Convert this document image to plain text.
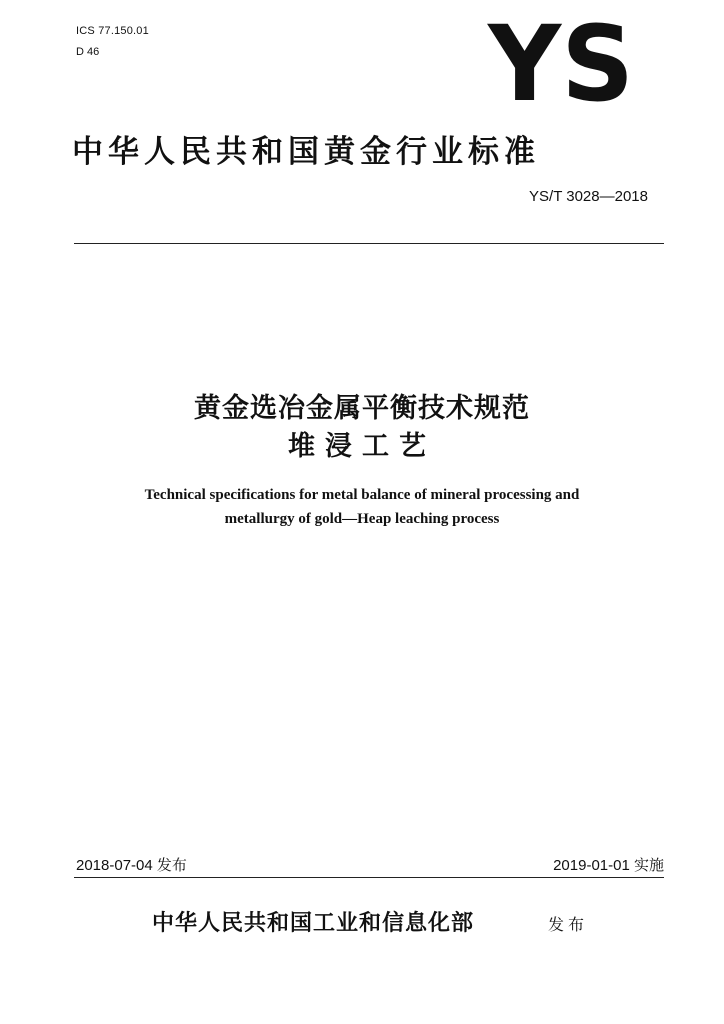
ICS 77.150.01
D 46	YS
中华人民共和国黄金行业标准
YS/T 3028—2018
黄金选冶金属平衡技术规范
堆浸工艺
Technical specifications for metal balance of mineral processing and
metallurgy of gold—Heap leaching process
2018-07-04 发布	2019-01-01 实施
中华人民共和国工业和信息化部	发布
